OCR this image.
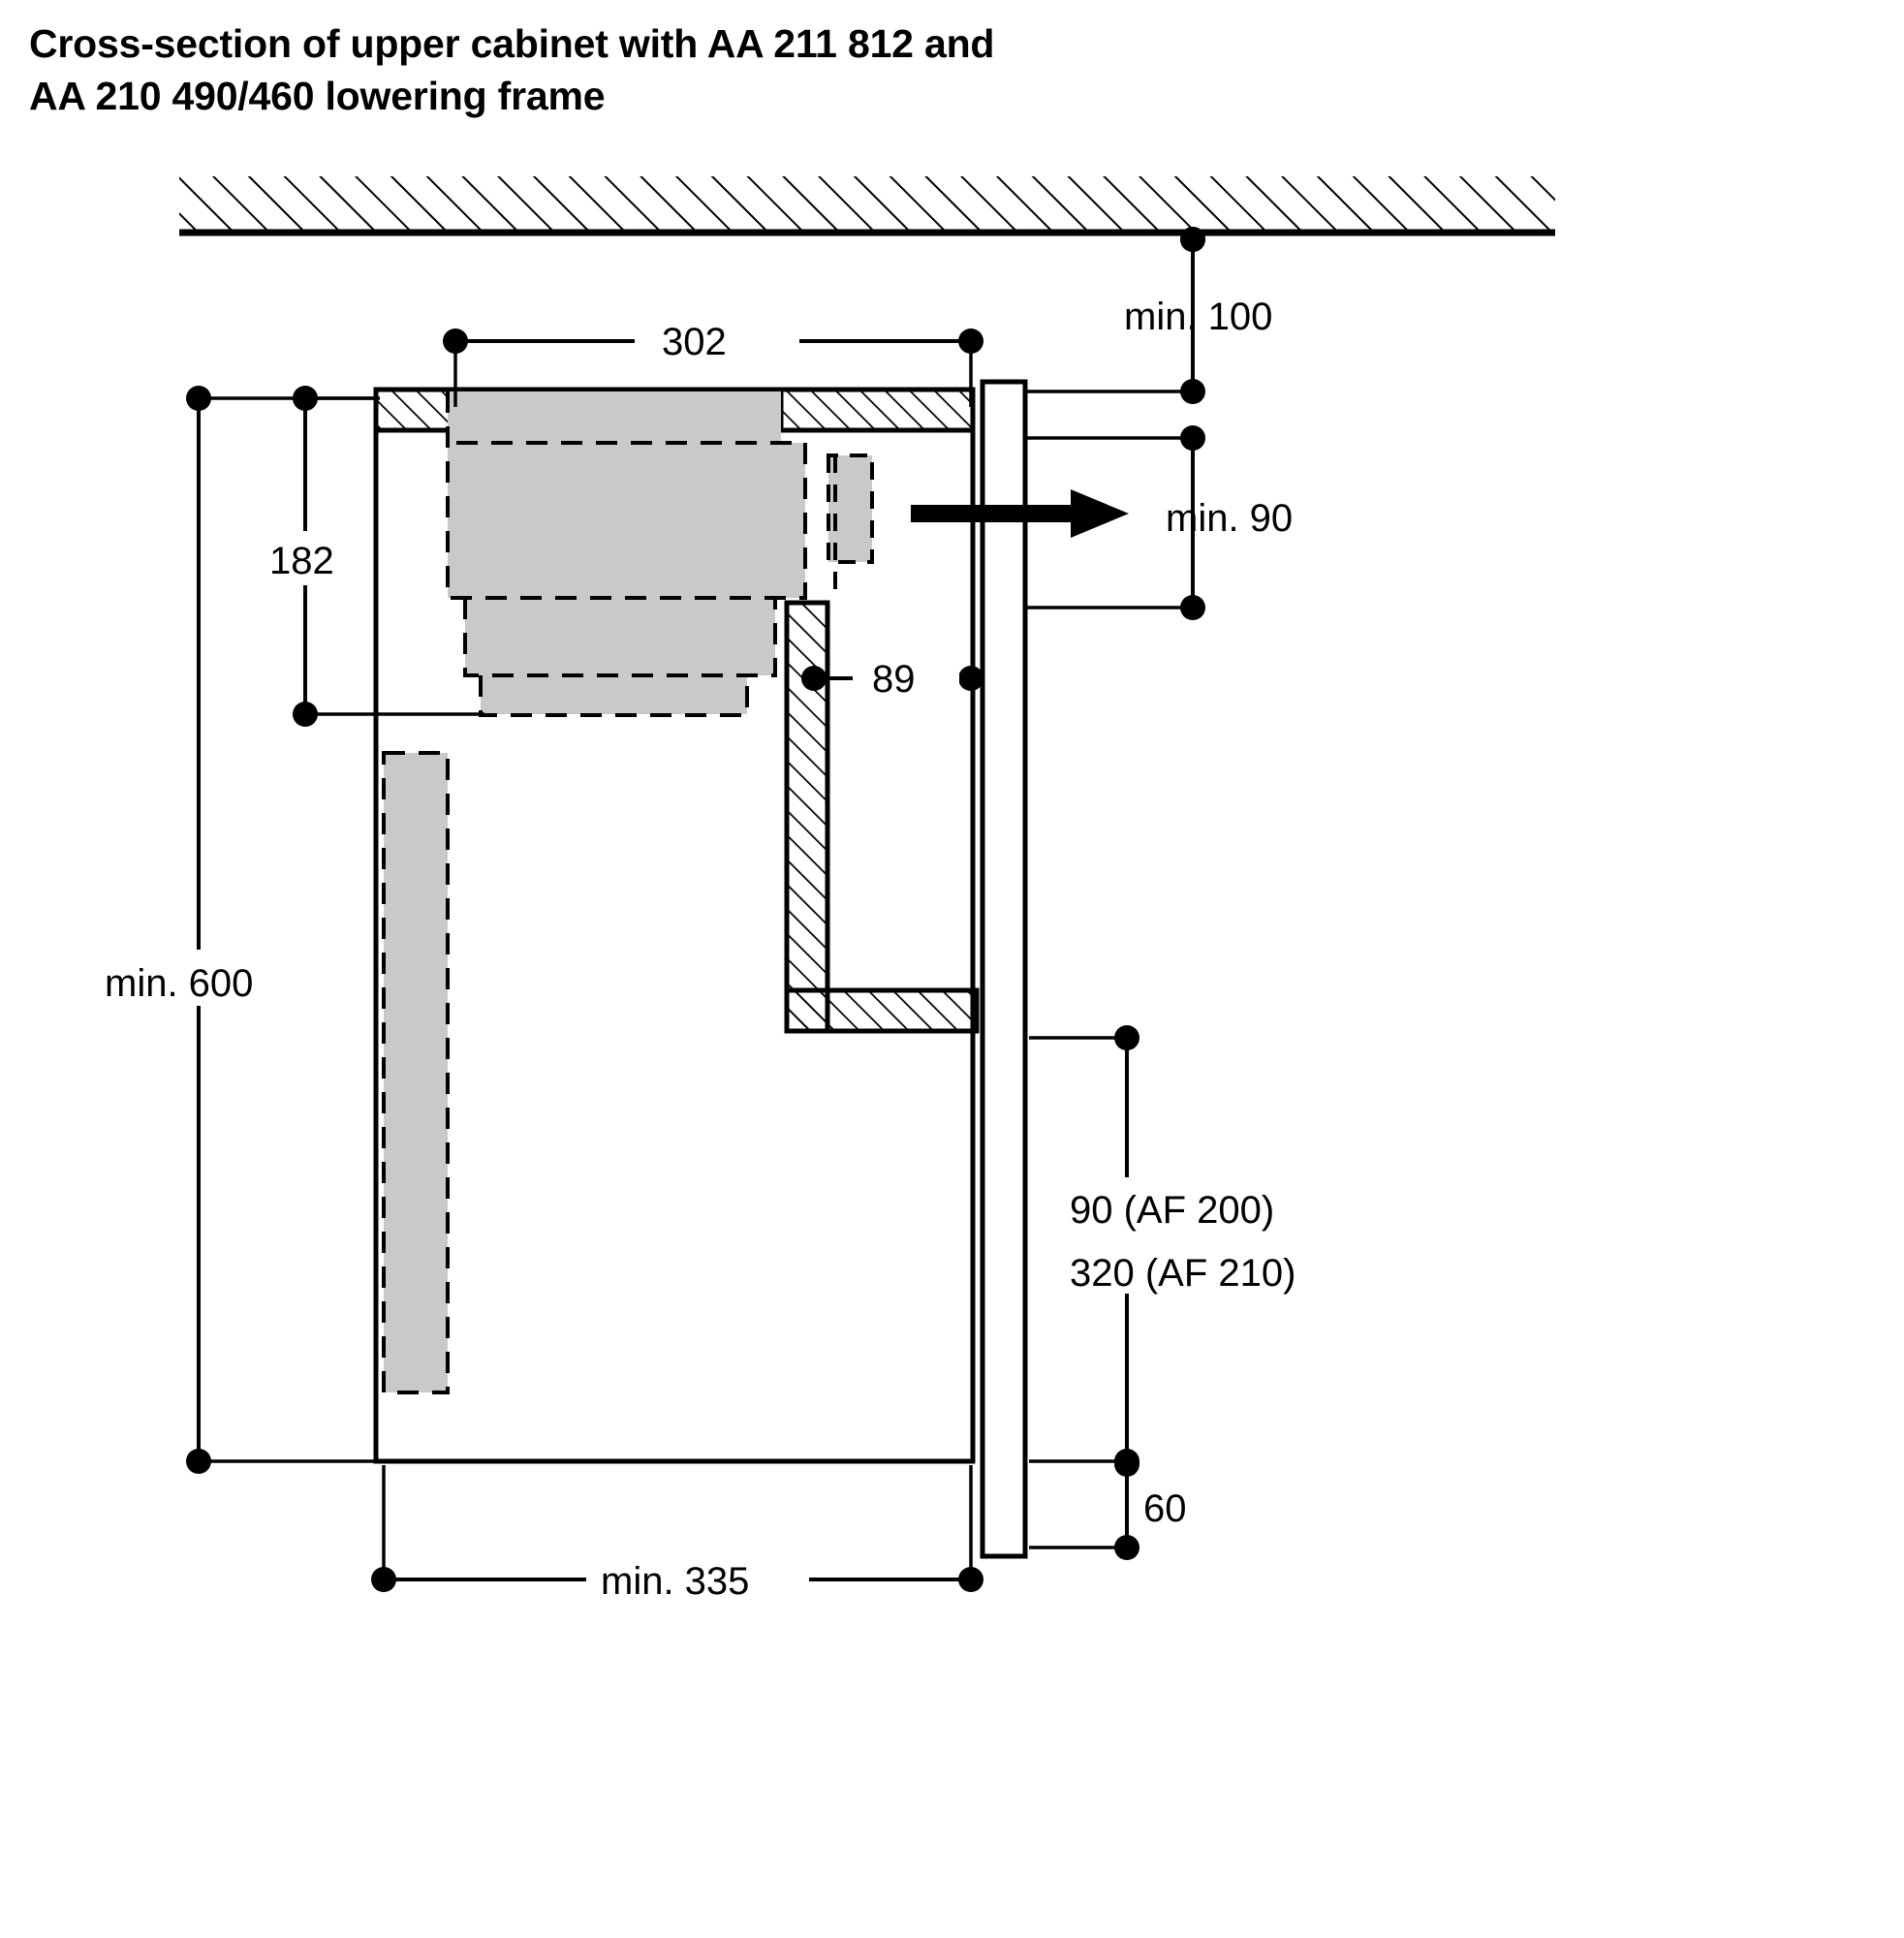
Cross-section of upper cabinet with AA 211 812 and
AA 210 490/460 lowering frame
min. 100
min. 90
302
182
89
min. 600
90 (AF 200)
320 (AF 210)
60
min. 335
